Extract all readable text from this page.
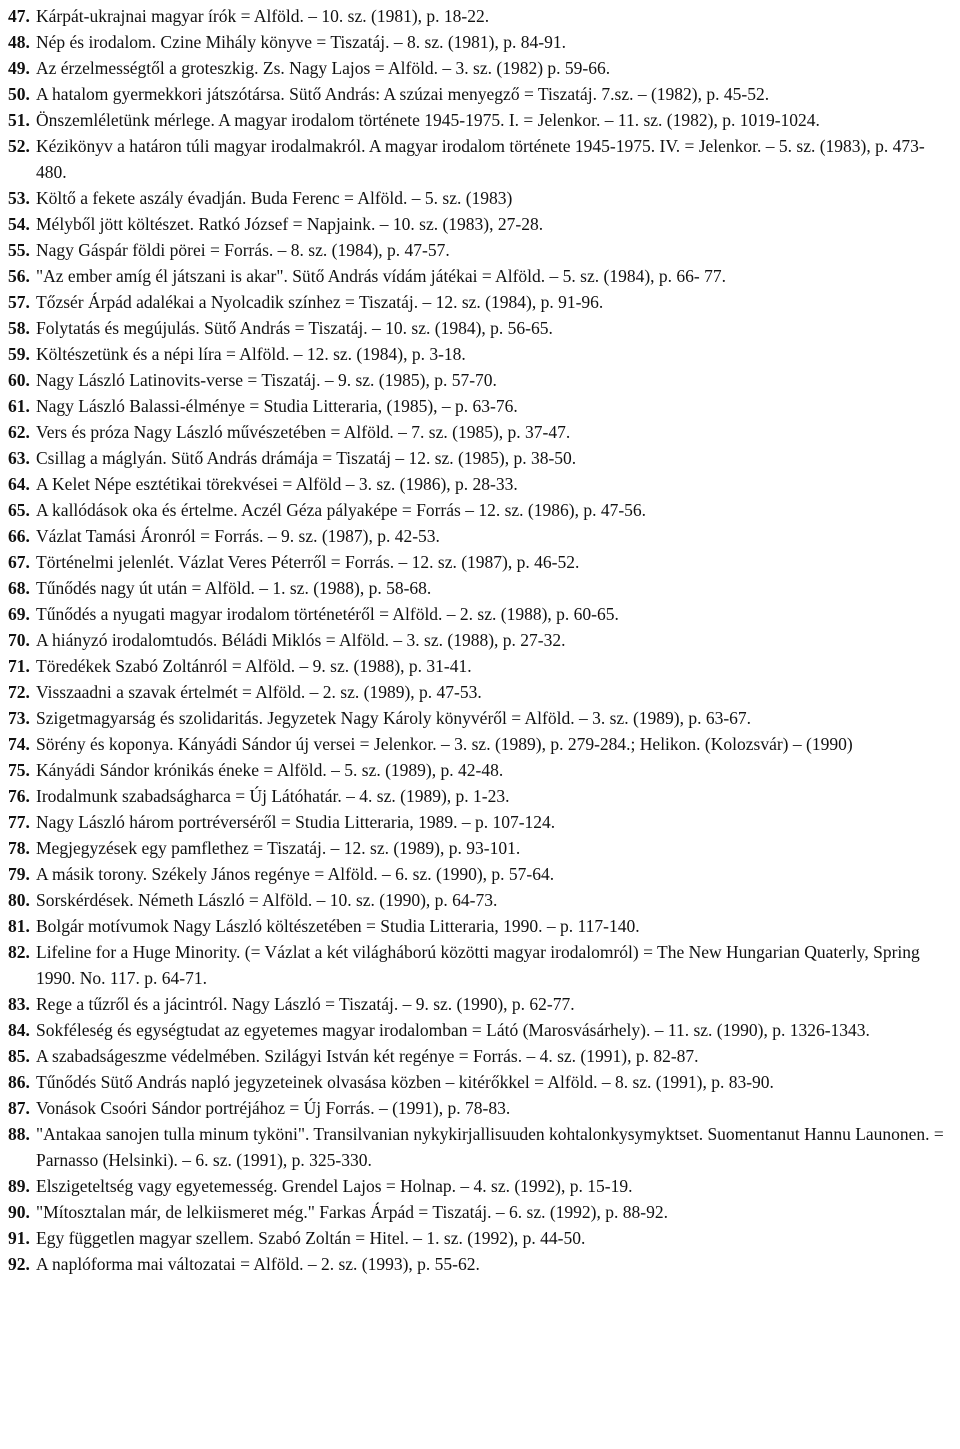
47. Kárpát-ukrajnai magyar írók = Alföld. – 10. sz. (1981), p. 18-22.
48. Nép és irodalom. Czine Mihály könyve = Tiszatáj. – 8. sz. (1981), p. 84-91.
49. Az érzelmességtől a groteszkig. Zs. Nagy Lajos = Alföld. – 3. sz. (1982) p. 59-66.
50. A hatalom gyermekkori játszótársa. Sütő András: A szúzai menyegző = Tiszatáj. 7.sz. – (1982), p. 45-52.
51. Önszemléletünk mérlege. A magyar irodalom története 1945-1975. I. = Jelenkor. – 11. sz. (1982), p. 1019-1024.
52. Kézikönyv a határon túli magyar irodalmakról. A magyar irodalom története 1945-1975. IV. = Jelenkor. – 5. sz. (1983), p. 473-480.
53. Költő a fekete aszály évadján. Buda Ferenc = Alföld. – 5. sz. (1983)
54. Mélyből jött költészet. Ratkó József = Napjaink. – 10. sz. (1983), 27-28.
55. Nagy Gáspár földi pörei = Forrás. – 8. sz. (1984), p. 47-57.
56. "Az ember amíg él játszani is akar". Sütő András vídám játékai = Alföld. – 5. sz. (1984), p. 66- 77.
57. Tőzsér Árpád adalékai a Nyolcadik színhez = Tiszatáj. – 12. sz. (1984), p. 91-96.
58. Folytatás és megújulás. Sütő András = Tiszatáj. – 10. sz. (1984), p. 56-65.
59. Költészetünk és a népi líra = Alföld. – 12. sz. (1984), p. 3-18.
60. Nagy László Latinovits-verse = Tiszatáj. – 9. sz. (1985), p. 57-70.
61. Nagy László Balassi-élménye = Studia Litteraria, (1985), – p. 63-76.
62. Vers és próza Nagy László művészetében = Alföld. – 7. sz. (1985), p. 37-47.
63. Csillag a máglyán. Sütő András drámája = Tiszatáj – 12. sz. (1985), p. 38-50.
64. A Kelet Népe esztétikai törekvései = Alföld – 3. sz. (1986), p. 28-33.
65. A kallódások oka és értelme. Aczél Géza pályaképe = Forrás – 12. sz. (1986), p. 47-56.
66. Vázlat Tamási Áronról = Forrás. – 9. sz. (1987), p. 42-53.
67. Történelmi jelenlét. Vázlat Veres Péterről = Forrás. – 12. sz. (1987), p. 46-52.
68. Tűnődés nagy út után = Alföld. – 1. sz. (1988), p. 58-68.
69. Tűnődés a nyugati magyar irodalom történetéről = Alföld. – 2. sz. (1988), p. 60-65.
70. A hiányzó irodalomtudós. Béládi Miklós = Alföld. – 3. sz. (1988), p. 27-32.
71. Töredékek Szabó Zoltánról = Alföld. – 9. sz. (1988), p. 31-41.
72. Visszaadni a szavak értelmét = Alföld. – 2. sz. (1989), p. 47-53.
73. Szigetmagyarság és szolidaritás. Jegyzetek Nagy Károly könyvéről = Alföld. – 3. sz. (1989), p. 63-67.
74. Sörény és koponya. Kányádi Sándor új versei = Jelenkor. – 3. sz. (1989), p. 279-284.; Helikon. (Kolozsvár) – (1990)
75. Kányádi Sándor krónikás éneke = Alföld. – 5. sz. (1989), p. 42-48.
76. Irodalmunk szabadságharca = Új Látóhatár. – 4. sz. (1989), p. 1-23.
77. Nagy László három portréverséről = Studia Litteraria, 1989. – p. 107-124.
78. Megjegyzések egy pamflethez = Tiszatáj. – 12. sz. (1989), p. 93-101.
79. A másik torony. Székely János regénye = Alföld. – 6. sz. (1990), p. 57-64.
80. Sorskérdések. Németh László = Alföld. – 10. sz. (1990), p. 64-73.
81. Bolgár motívumok Nagy László költészetében = Studia Litteraria, 1990. – p. 117-140.
82. Lifeline for a Huge Minority. (= Vázlat a két világháború közötti magyar irodalomról) = The New Hungarian Quaterly, Spring 1990. No. 117. p. 64-71.
83. Rege a tűzről és a jácintról. Nagy László = Tiszatáj. – 9. sz. (1990), p. 62-77.
84. Sokféleség és egységtudat az egyetemes magyar irodalomban = Látó (Marosvásárhely). – 11. sz. (1990), p. 1326-1343.
85. A szabadságeszme védelmében. Szilágyi István két regénye = Forrás. – 4. sz. (1991), p. 82-87.
86. Tűnődés Sütő András napló jegyzeteinek olvasása közben – kitérőkkel = Alföld. – 8. sz. (1991), p. 83-90.
87. Vonások Csoóri Sándor portréjához = Új Forrás. – (1991), p. 78-83.
88. "Antakaa sanojen tulla minum tyköni". Transilvanian nykykirjallisuuden kohtalonkysymyktset. Suomentanut Hannu Launonen. = Parnasso (Helsinki). – 6. sz. (1991), p. 325-330.
89. Elszigeteltség vagy egyetemesség. Grendel Lajos = Holnap. – 4. sz. (1992), p. 15-19.
90. "Mítosztalan már, de lelkiismeret még." Farkas Árpád = Tiszatáj. – 6. sz. (1992), p. 88-92.
91. Egy független magyar szellem. Szabó Zoltán = Hitel. – 1. sz. (1992), p. 44-50.
92. A naplóforma mai változatai = Alföld. – 2. sz. (1993), p. 55-62.
